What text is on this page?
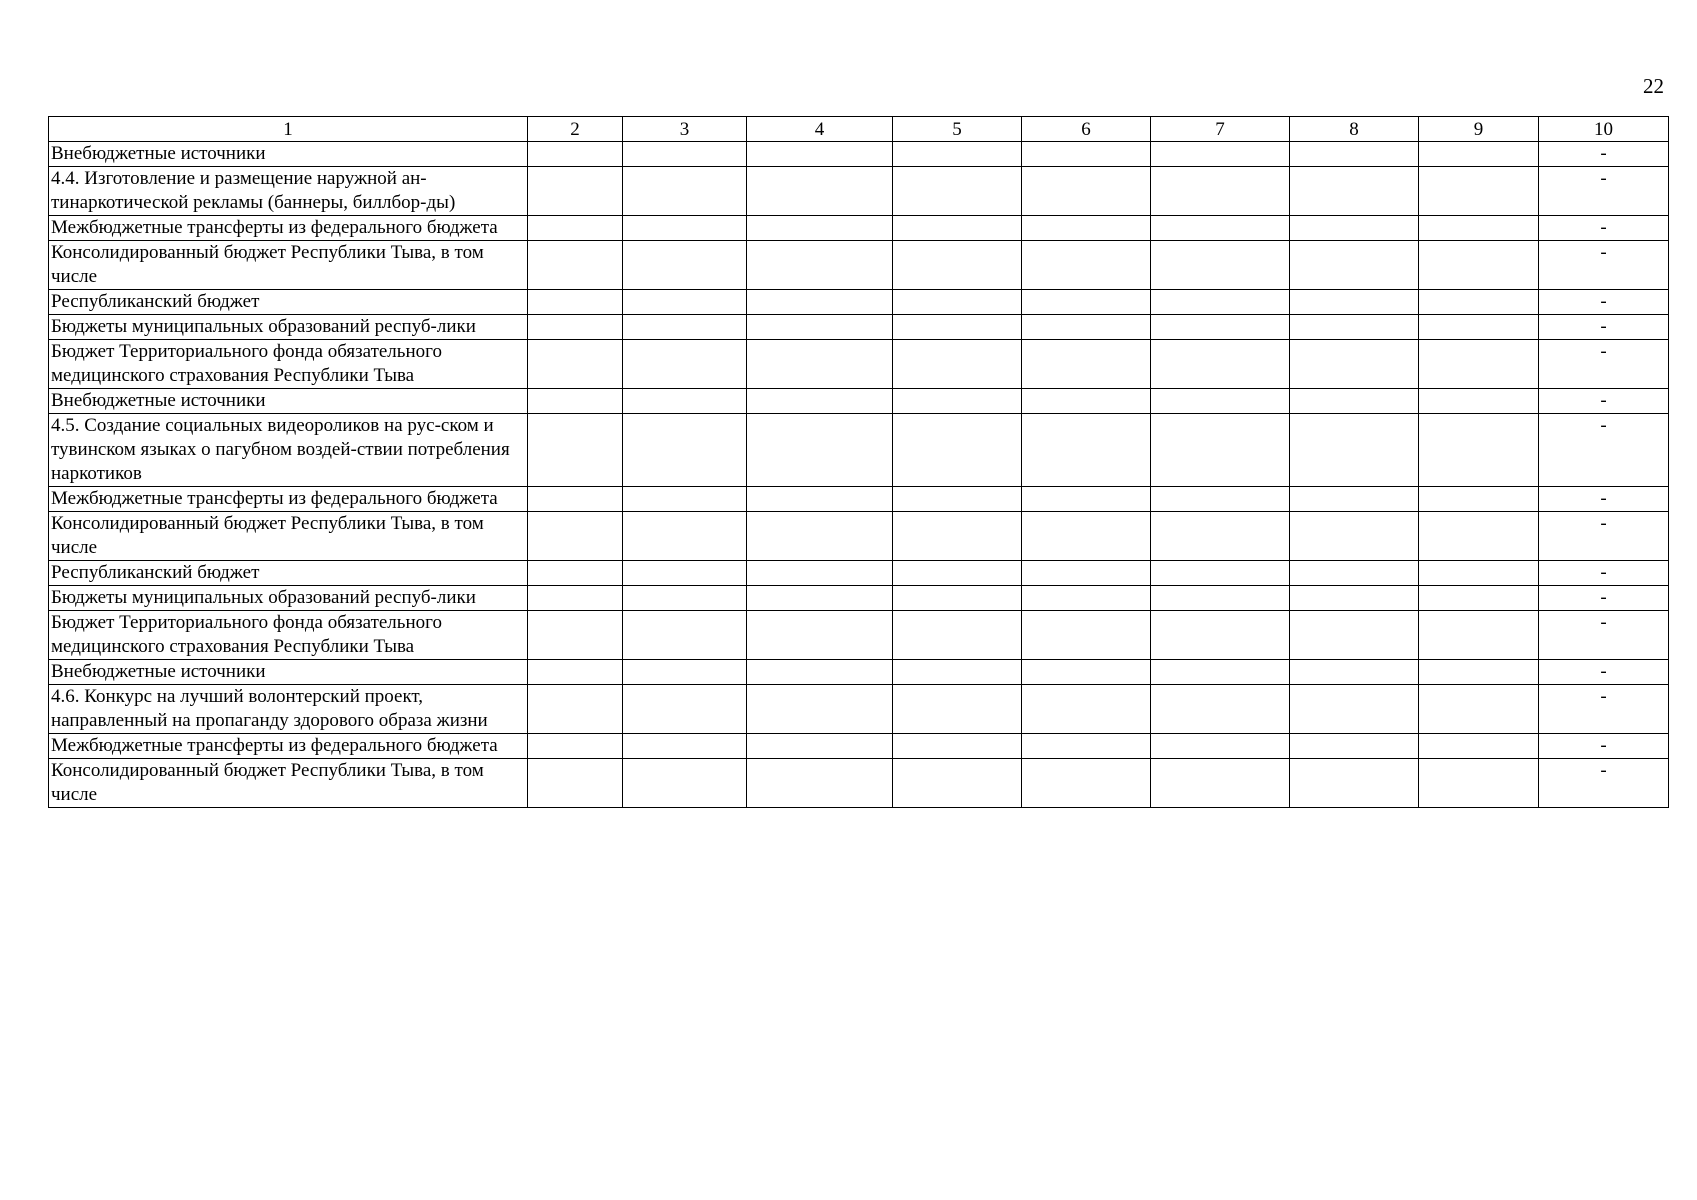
22
1	2	3	4	5	6	7	8	9	10
Внебюджетные источники									-
4.4. Изготовление и размещение наружной ан-тинаркотической рекламы (баннеры, биллбор-ды)									-
Межбюджетные трансферты из федерального бюджета									-
Консолидированный бюджет Республики Тыва, в том числе									-
Республиканский бюджет									-
Бюджеты муниципальных образований респуб-лики									-
Бюджет Территориального фонда обязательного медицинского страхования Республики Тыва									-
Внебюджетные источники									-
4.5. Создание социальных видеороликов на рус-ском и тувинском языках о пагубном воздей-ствии потребления наркотиков									-
Межбюджетные трансферты из федерального бюджета									-
Консолидированный бюджет Республики Тыва, в том числе									-
Республиканский бюджет									-
Бюджеты муниципальных образований респуб-лики									-
Бюджет Территориального фонда обязательного медицинского страхования Республики Тыва									-
Внебюджетные источники									-
4.6. Конкурс на лучший волонтерский проект, направленный на пропаганду здорового образа жизни									-
Межбюджетные трансферты из федерального бюджета									-
Консолидированный бюджет Республики Тыва, в том числе									-
